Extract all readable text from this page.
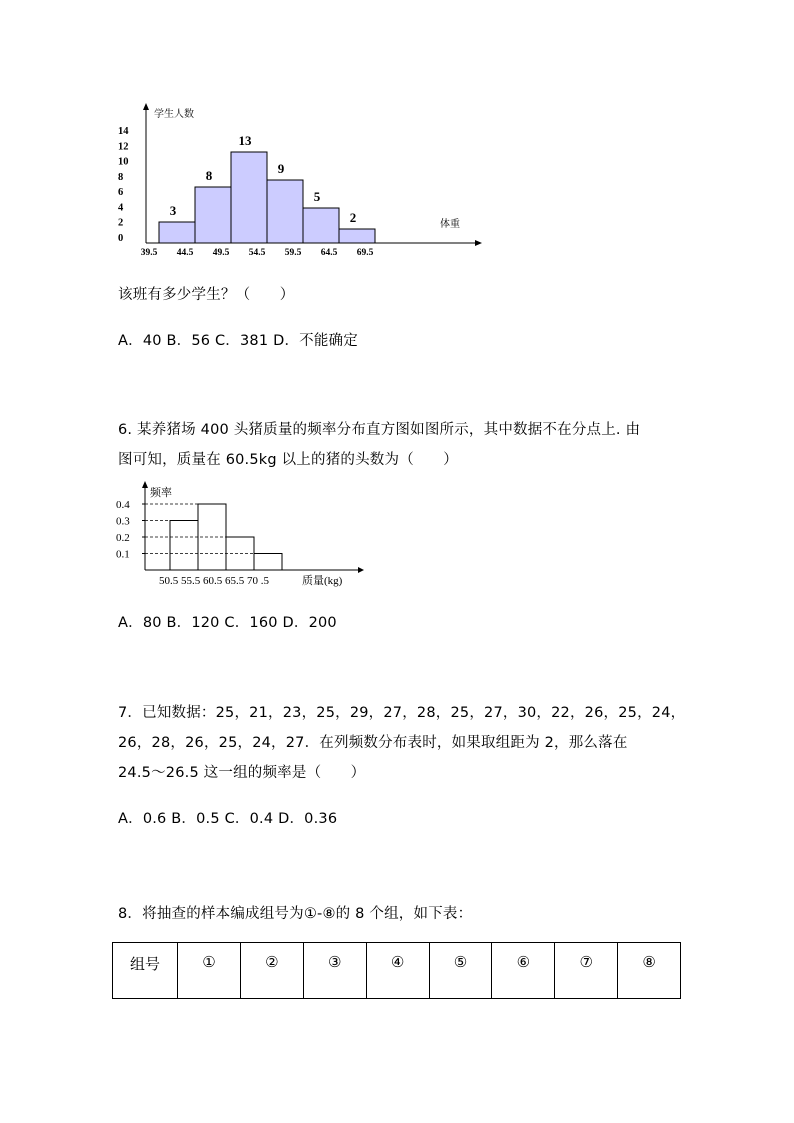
学生人数
体重
14
12
10
8
6
4
2
0
3
8
13
9
5
2
39.5 44.5 49.5 54.5 59.5 64.5 69.5
该班有多少学生？（　　）
A．40 B．56 C．381 D．不能确定
6. 某养猪场 400 头猪质量的频率分布直方图如图所示，其中数据不在分点上. 由
图可知，质量在 60.5kg 以上的猪的头数为（　　）
频率
0.4
0.3
0.2
0.1
50.5 55.5 60.5 65.5 70 .5	质量(kg)
A．80 B．120 C．160 D．200
7．已知数据：25，21，23，25，29，27，28，25，27，30，22，26，25，24，
26，28，26，25，24，27．在列频数分布表时，如果取组距为 2，那么落在
24.5～26.5 这一组的频率是（　　）
A．0.6 B．0.5 C．0.4 D．0.36
8．将抽查的样本编成组号为①-⑧的 8 个组，如下表：
组号	①	②	③	④	⑤	⑥	⑦	⑧
